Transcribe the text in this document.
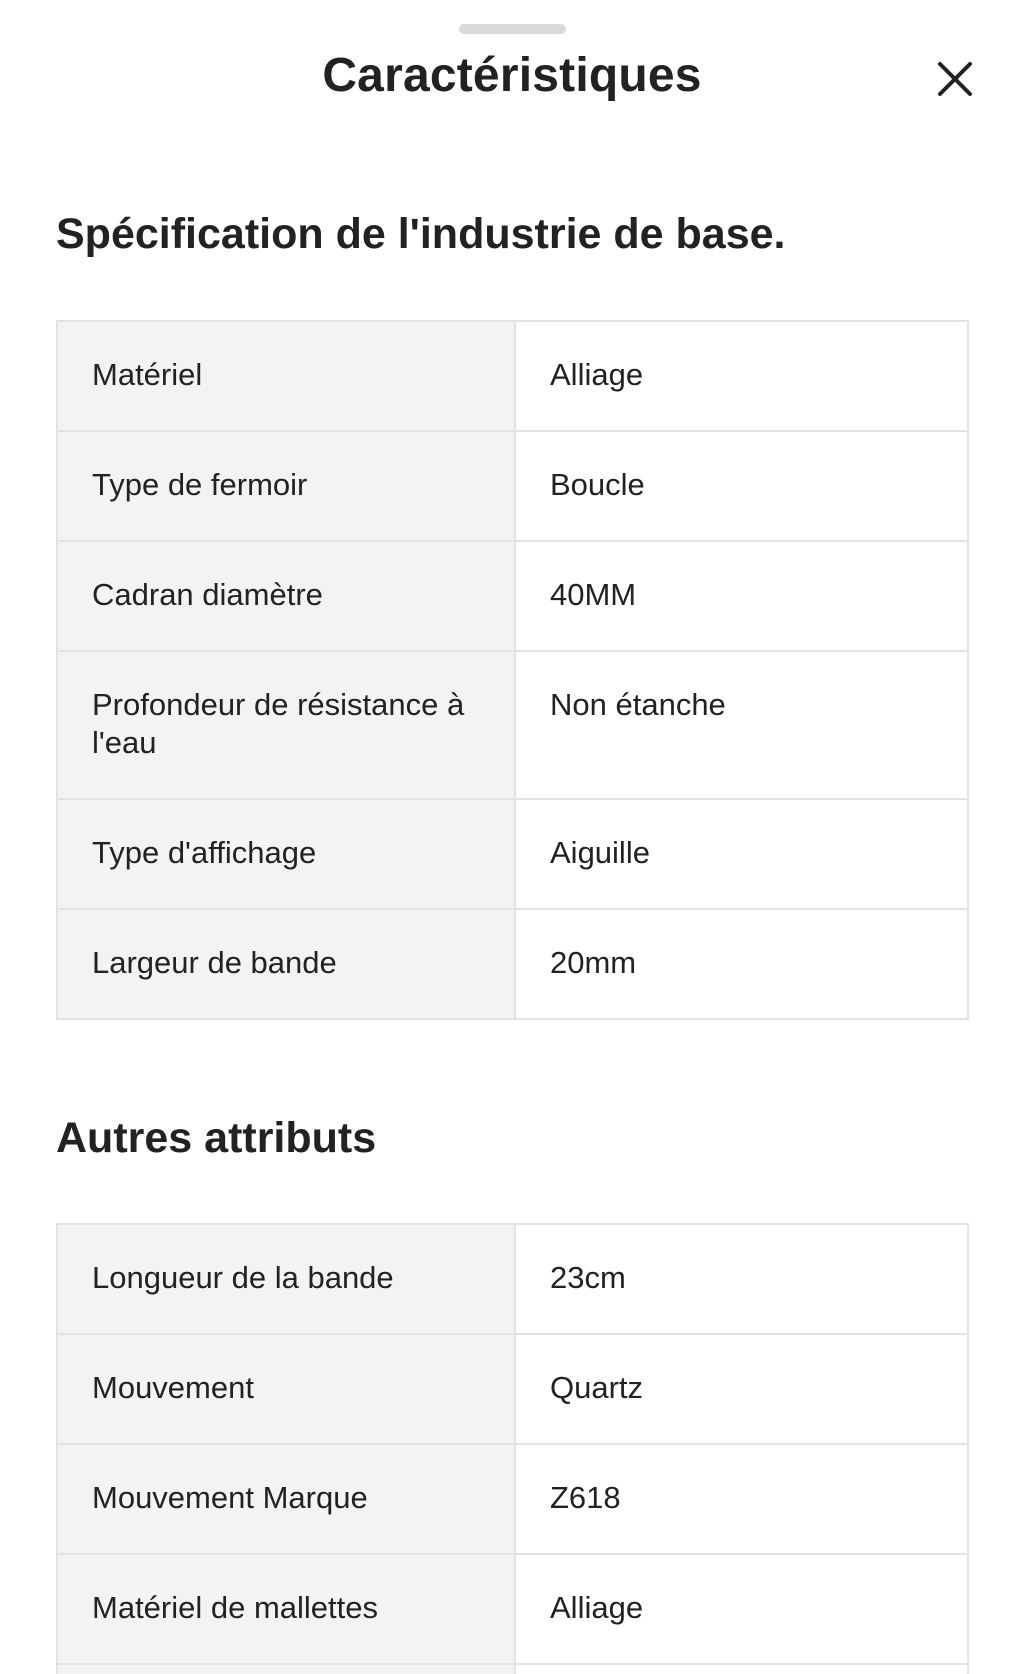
Caractéristiques
Spécification de l'industrie de base.
Matériel	Alliage

Type de fermoir	Boucle

Cadran diamètre	40MM

Profondeur de résistance à l'eau	Non étanche

Type d'affichage	Aiguille

Largeur de bande	20mm
Autres attributs
Longueur de la bande	23cm

Mouvement	Quartz

Mouvement Marque	Z618

Matériel de mallettes	Alliage
